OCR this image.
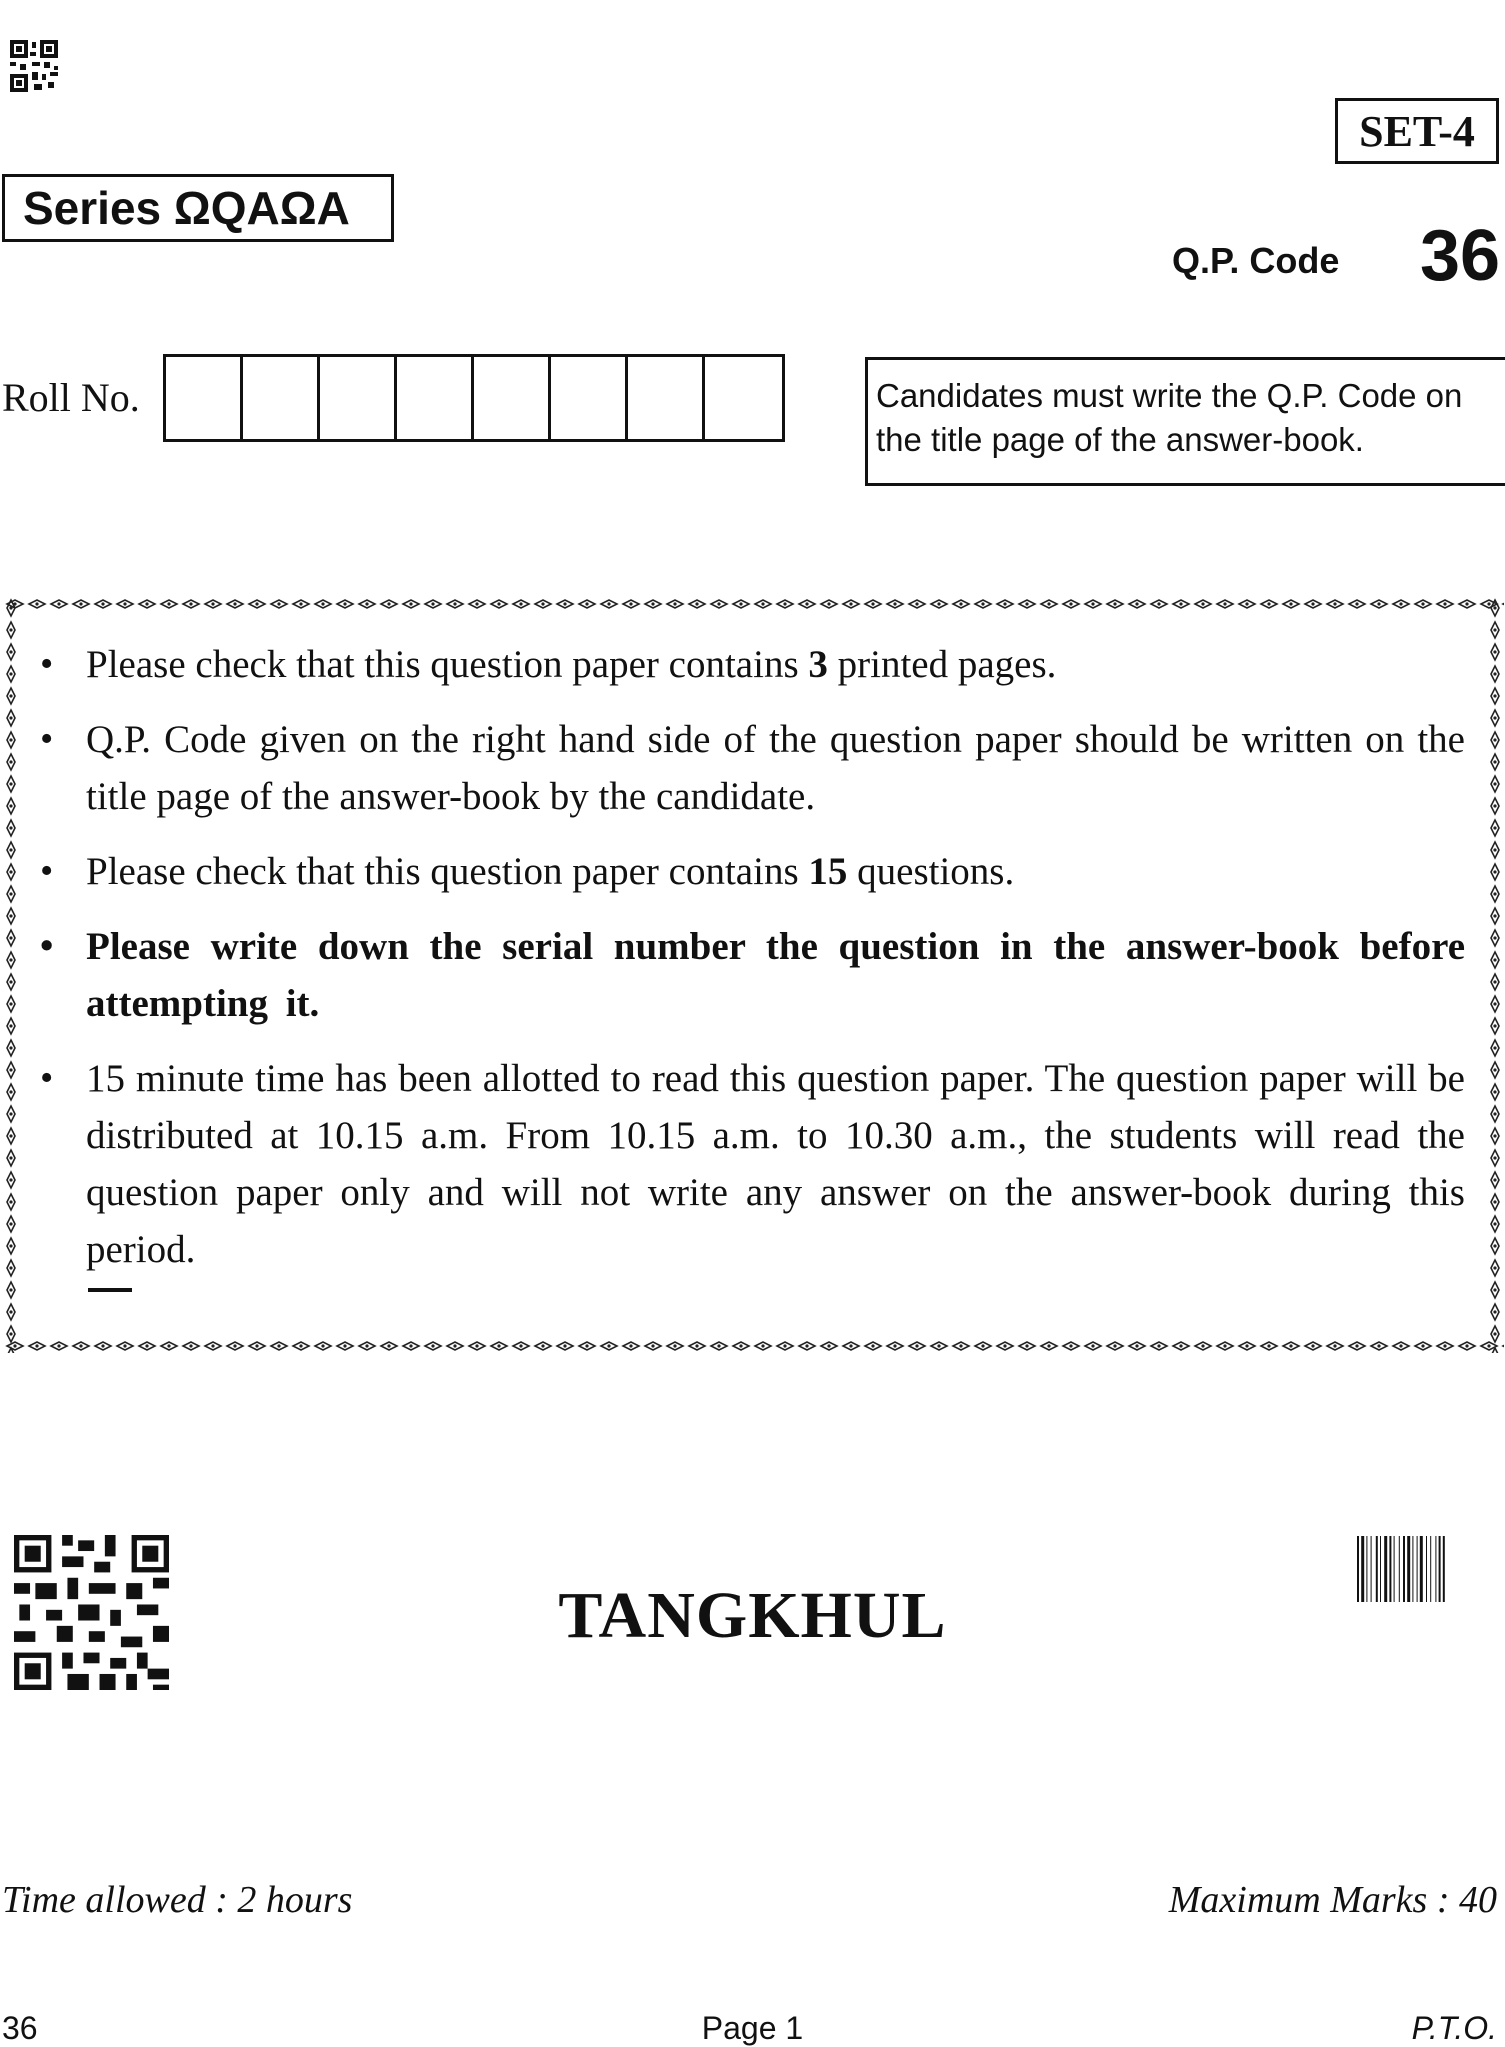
SET-4
Series ΩQAΩA
Q.P. Code 36
Roll No.	Candidates must write the Q.P. Code on the title page of the answer-book.
• Please check that this question paper contains 3 printed pages.
• Q.P. Code given on the right hand side of the question paper should be written on the title page of the answer-book by the candidate.
• Please check that this question paper contains 15 questions.
• Please write down the serial number the question in the answer-book before attempting it.
• 15 minute time has been allotted to read this question paper. The question paper will be distributed at 10.15 a.m. From 10.15 a.m. to 10.30 a.m., the students will read the question paper only and will not write any answer on the answer-book during this period.
TANGKHUL
Time allowed : 2 hours	Maximum Marks : 40
36	Page 1	P.T.O.
